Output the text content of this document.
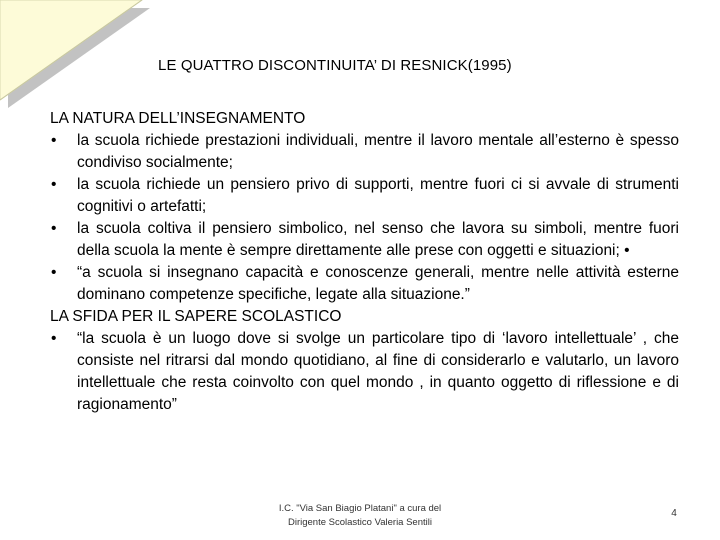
LE QUATTRO DISCONTINUITA’ DI RESNICK(1995)
LA NATURA DELL’INSEGNAMENTO
• la scuola richiede prestazioni individuali, mentre il lavoro mentale all’esterno è spesso condiviso socialmente;
• la scuola richiede un pensiero privo di supporti, mentre fuori ci si avvale di strumenti cognitivi o artefatti;
• la scuola coltiva il pensiero simbolico, nel senso che lavora su simboli, mentre fuori della scuola la mente è sempre direttamente alle prese con oggetti e situazioni; •
• “a scuola si insegnano capacità e conoscenze generali, mentre nelle attività esterne dominano competenze specifiche, legate alla situazione.”
LA SFIDA PER IL SAPERE SCOLASTICO
• “la scuola è un luogo dove si svolge un particolare tipo di ‘lavoro intellettuale’ , che consiste nel ritrarsi dal mondo quotidiano, al fine di considerarlo e valutarlo, un lavoro intellettuale che resta coinvolto con quel mondo , in quanto oggetto di riflessione e di ragionamento”
I.C. "Via San Biagio Platani" a cura del
Dirigente Scolastico Valeria Sentili
4
